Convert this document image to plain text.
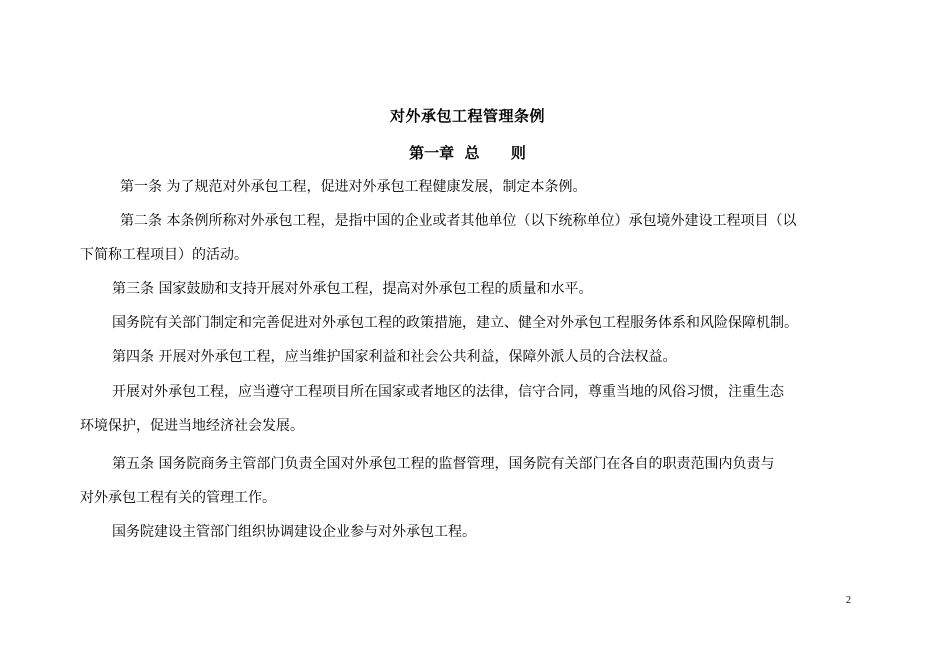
对外承包工程管理条例
第一章  总      则
第一条 为了规范对外承包工程，促进对外承包工程健康发展，制定本条例。
第二条 本条例所称对外承包工程，是指中国的企业或者其他单位（以下统称单位）承包境外建设工程项目（以
下简称工程项目）的活动。
第三条 国家鼓励和支持开展对外承包工程，提高对外承包工程的质量和水平。
国务院有关部门制定和完善促进对外承包工程的政策措施，建立、健全对外承包工程服务体系和风险保障机制。
第四条 开展对外承包工程，应当维护国家利益和社会公共利益，保障外派人员的合法权益。
开展对外承包工程，应当遵守工程项目所在国家或者地区的法律，信守合同，尊重当地的风俗习惯，注重生态
环境保护，促进当地经济社会发展。
第五条 国务院商务主管部门负责全国对外承包工程的监督管理，国务院有关部门在各自的职责范围内负责与
对外承包工程有关的管理工作。
国务院建设主管部门组织协调建设企业参与对外承包工程。
2
